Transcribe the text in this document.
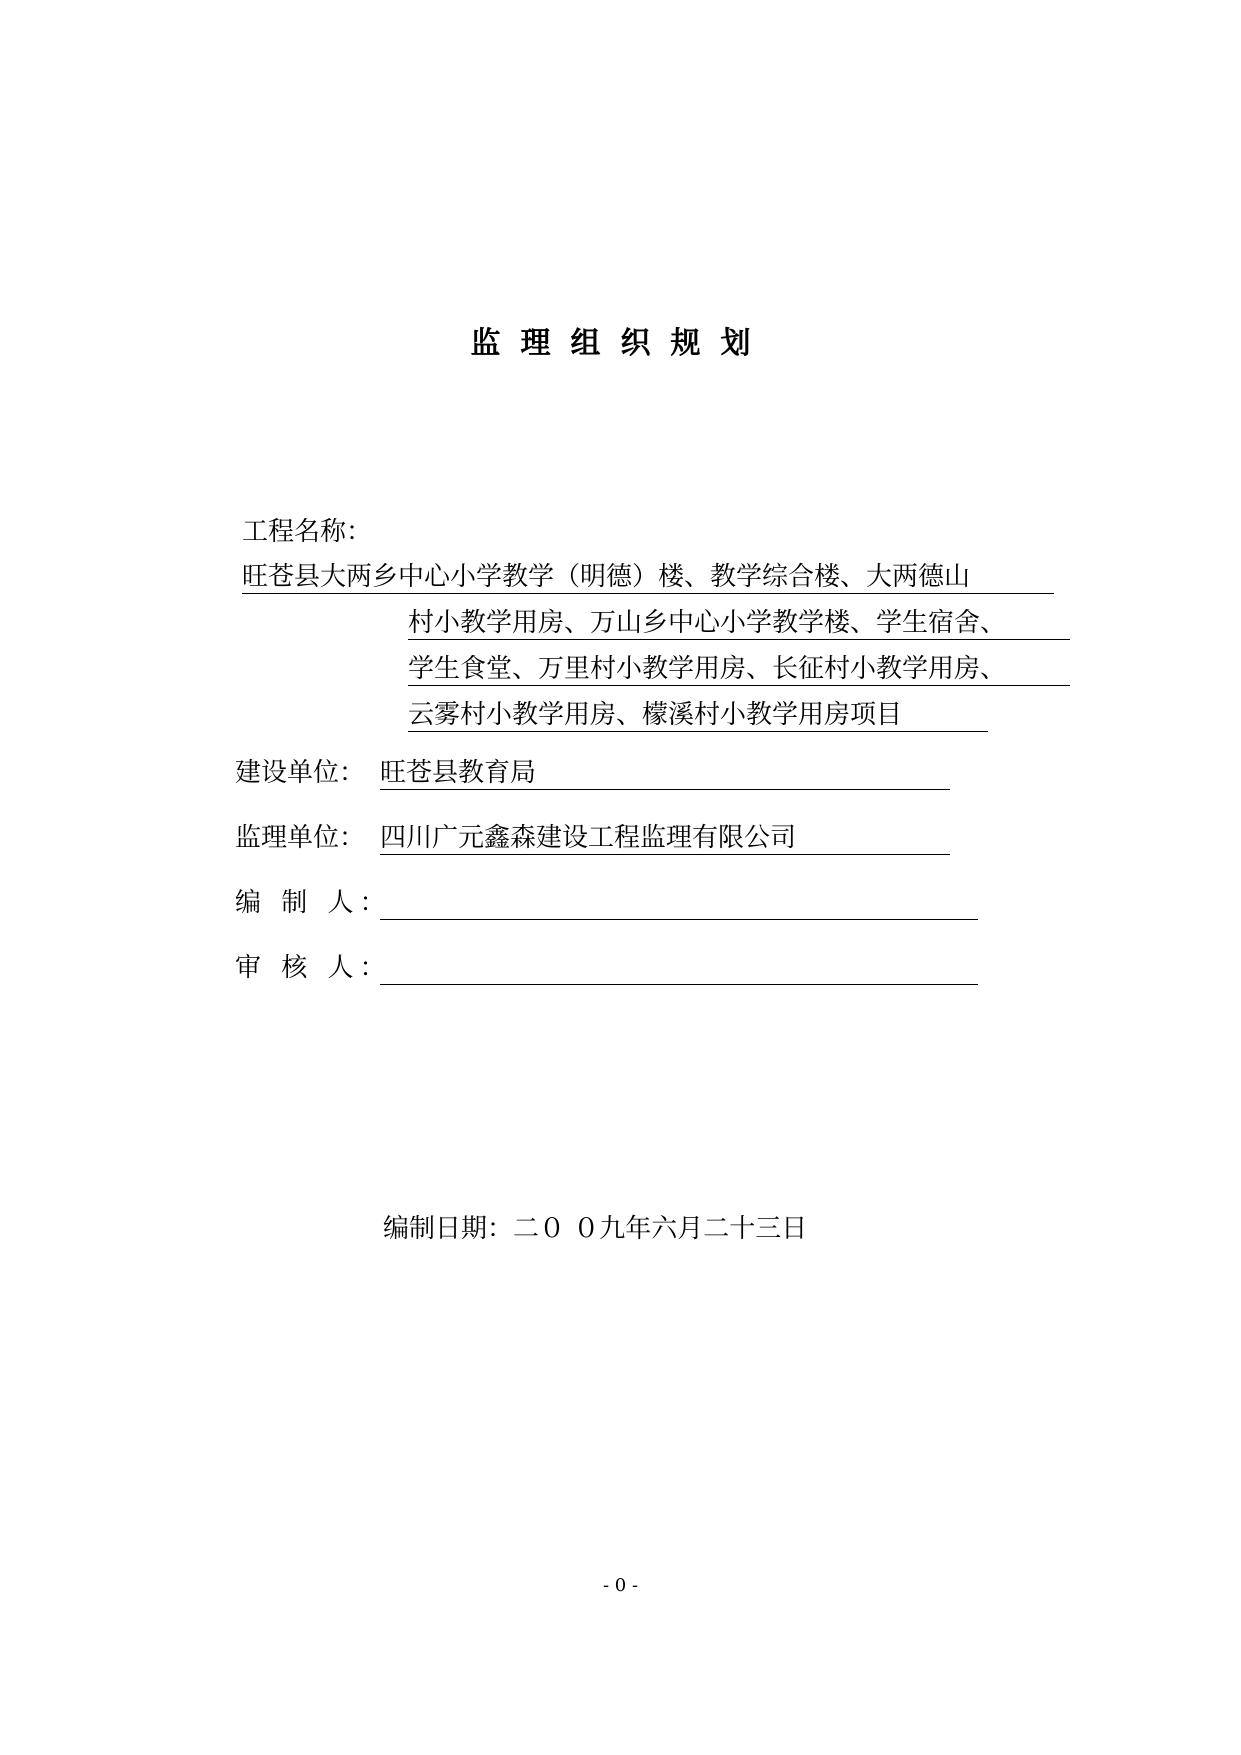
监理组织规划
工程名称：
旺苍县大两乡中心小学教学（明德）楼、教学综合楼、大两德山
村小教学用房、万山乡中心小学教学楼、学生宿舍、
学生食堂、万里村小教学用房、长征村小教学用房、
云雾村小教学用房、檬溪村小教学用房项目
建设单位： 旺苍县教育局
监理单位： 四川广元鑫森建设工程监理有限公司
编 制 人：
审 核 人：
编制日期：二０ ０九年六月二十三日
- 0 -
